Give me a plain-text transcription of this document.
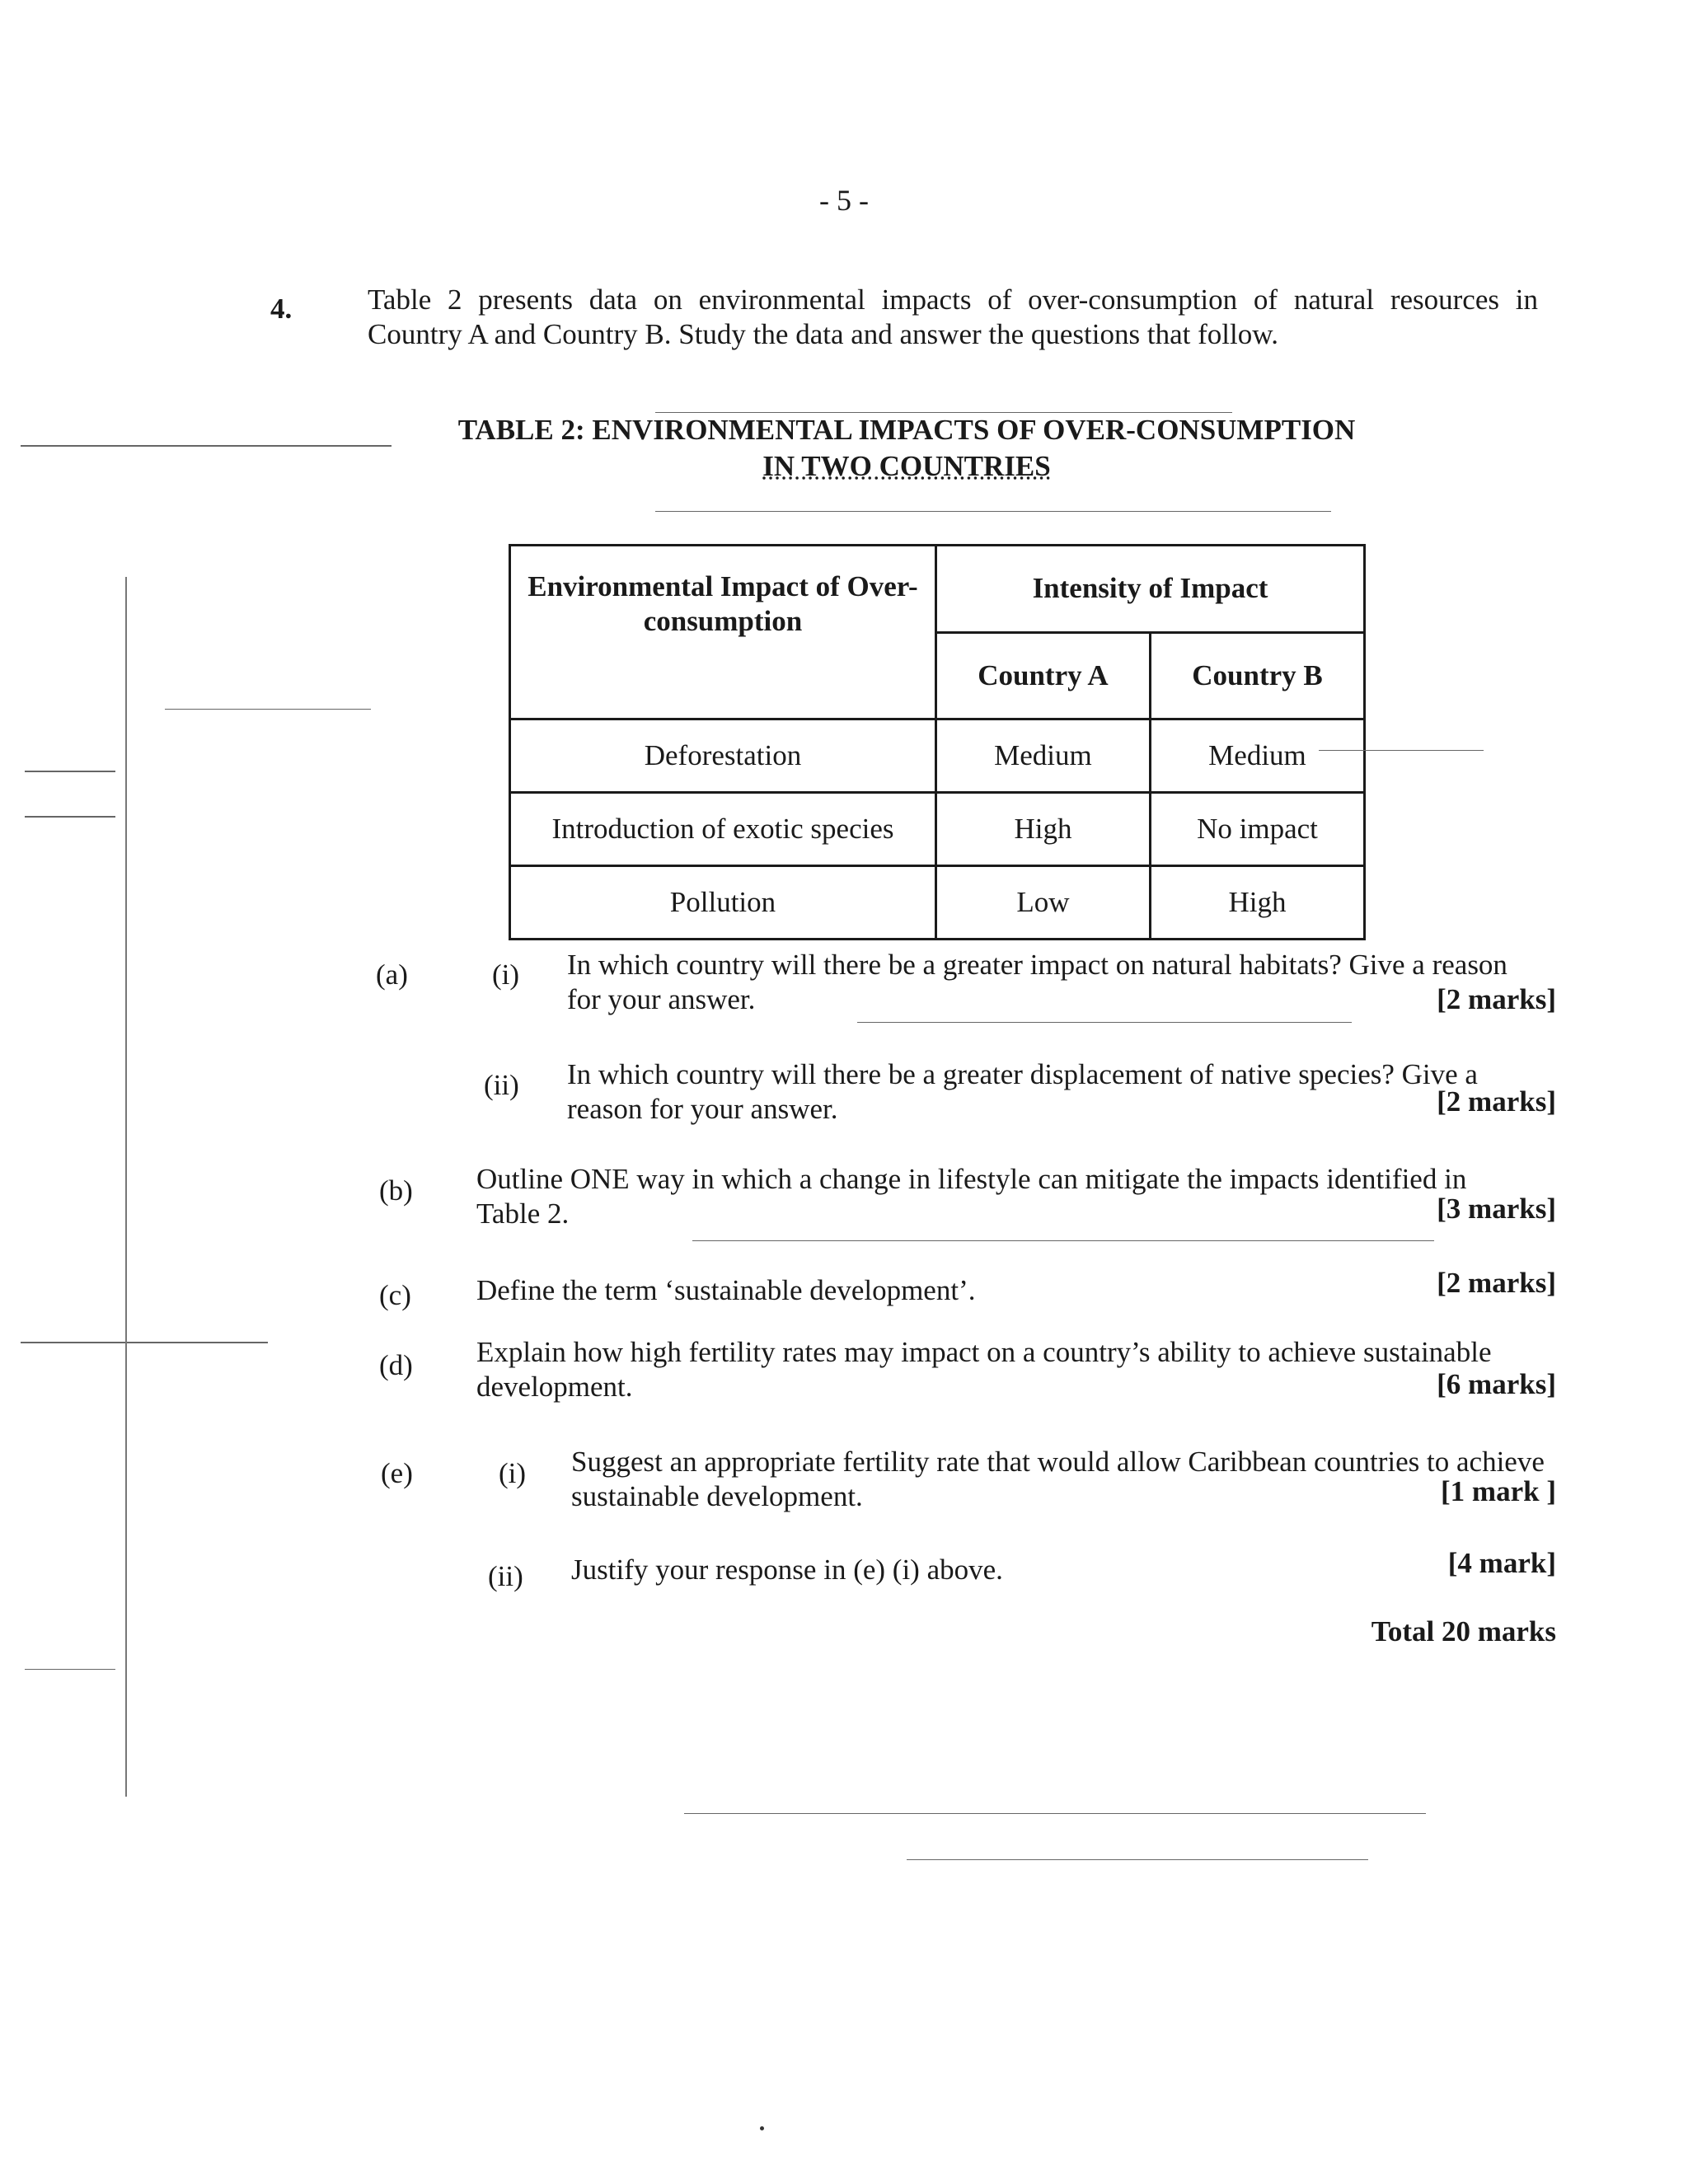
- 5 -
4.	Table 2 presents data on environmental impacts of over-consumption of natural resources in
Country A and Country B. Study the data and answer the questions that follow.
TABLE 2: ENVIRONMENTAL IMPACTS OF OVER-CONSUMPTION
IN TWO COUNTRIES
Environmental Impact of Over-consumption	Intensity of Impact	
	Country A	Country B
Deforestation	Medium	Medium
Introduction of exotic species	High	No impact
Pollution	Low	High
(a)	(i) In which country will there be a greater impact on natural habitats? Give a reason
for your answer.	[2 marks]
(ii) In which country will there be a greater displacement of native species? Give a
reason for your answer.	[2 marks]
(b) Outline ONE way in which a change in lifestyle can mitigate the impacts identified in
Table 2.	[3 marks]
(c) Define the term ‘sustainable development’.	[2 marks]
(d) Explain how high fertility rates may impact on a country’s ability to achieve sustainable
development.	[6 marks]
(e)	(i) Suggest an appropriate fertility rate that would allow Caribbean countries to achieve
sustainable development.	[1 mark ]
(ii) Justify your response in (e) (i) above.	[4 mark]
Total 20 marks
